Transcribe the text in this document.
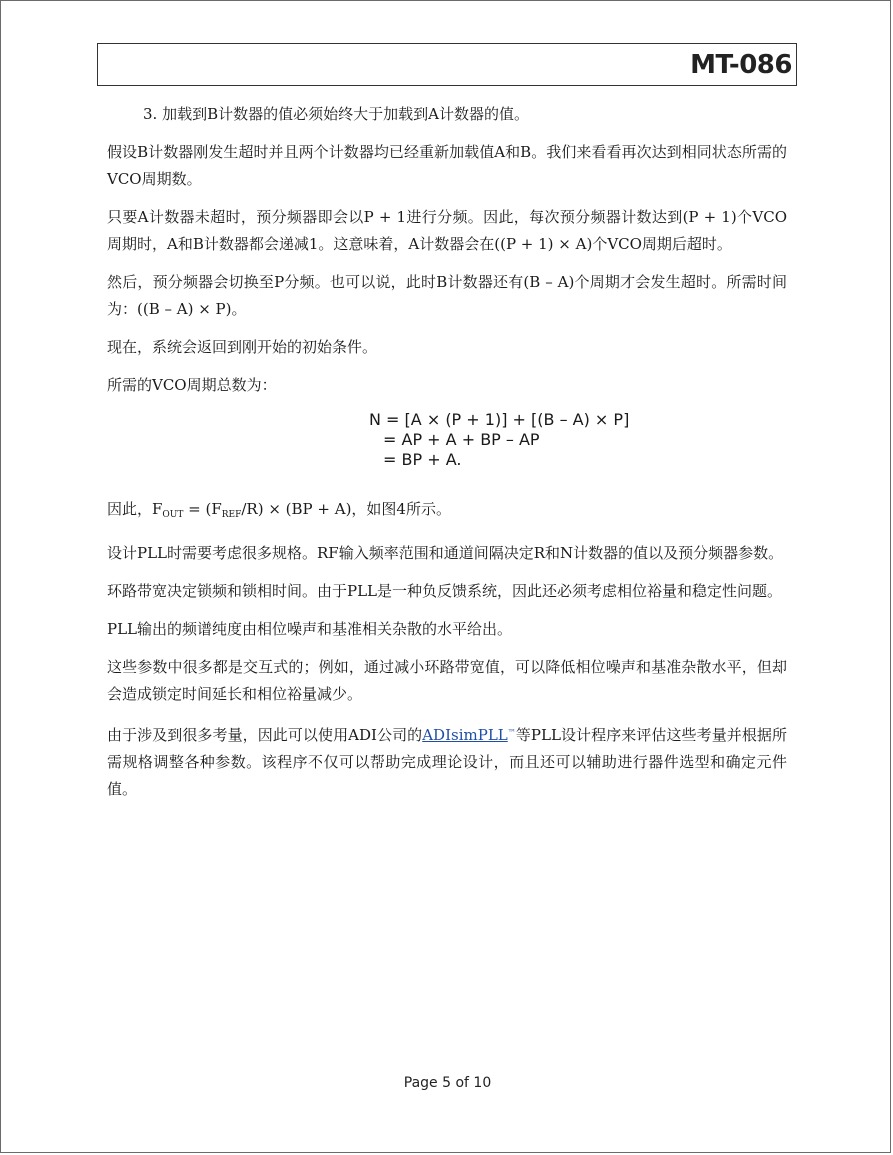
MT-086
3. 加载到B计数器的值必须始终大于加载到A计数器的值。

假设B计数器刚发生超时并且两个计数器均已经重新加载值A和B。我们来看看再次达到相同状态所需的VCO周期数。

只要A计数器未超时，预分频器即会以P + 1进行分频。因此，每次预分频器计数达到(P + 1)个VCO周期时，A和B计数器都会递减1。这意味着，A计数器会在((P + 1) × A)个VCO周期后超时。

然后，预分频器会切换至P分频。也可以说，此时B计数器还有(B – A)个周期才会发生超时。所需时间为：((B – A) × P)。

现在，系统会返回到刚开始的初始条件。

所需的VCO周期总数为：

N = [A × (P + 1)] + [(B – A) × P]
= AP + A + BP – AP
= BP + A.

因此，$F_{OUT} = (F_{REF}/R) \times (BP + A)$，如图4所示。

设计PLL时需要考虑很多规格。RF输入频率范围和通道间隔决定R和N计数器的值以及预分频器参数。

环路带宽决定锁频和锁相时间。由于PLL是一种负反馈系统，因此还必须考虑相位裕量和稳定性问题。

PLL输出的频谱纯度由相位噪声和基准相关杂散的水平给出。

这些参数中很多都是交互式的；例如，通过减小环路带宽值，可以降低相位噪声和基准杂散水平，但却会造成锁定时间延长和相位裕量减少。

由于涉及到很多考量，因此可以使用ADI公司的ADIsimPLL™等PLL设计程序来评估这些考量并根据所需规格调整各种参数。该程序不仅可以帮助完成理论设计，而且还可以辅助进行器件选型和确定元件值。

Page 5 of 10
